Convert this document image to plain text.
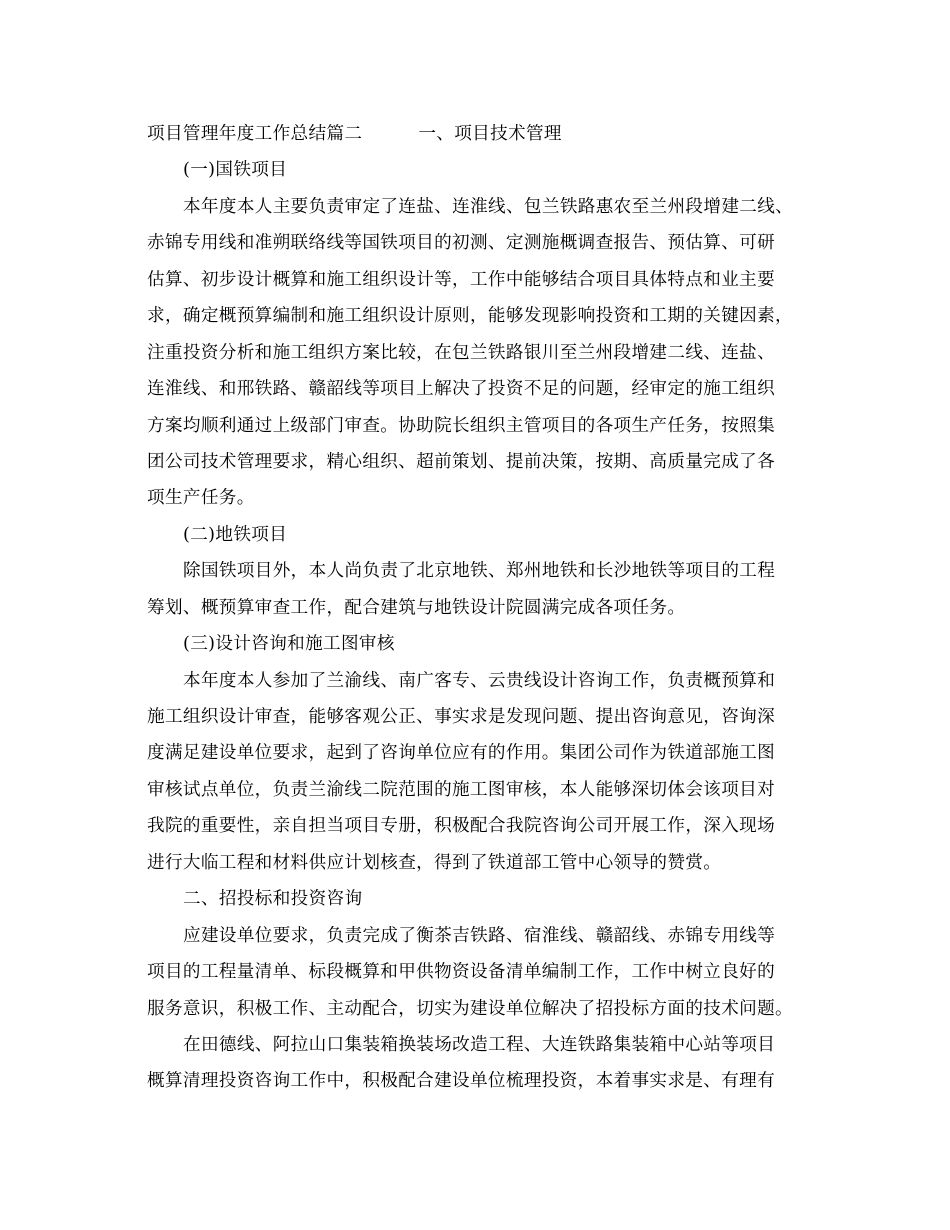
项目管理年度工作总结篇二	一、项目技术管理
(一)国铁项目
本年度本人主要负责审定了连盐、连淮线、包兰铁路惠农至兰州段增建二线、
赤锦专用线和准朔联络线等国铁项目的初测、定测施概调查报告、预估算、可研
估算、初步设计概算和施工组织设计等，工作中能够结合项目具体特点和业主要
求，确定概预算编制和施工组织设计原则，能够发现影响投资和工期的关键因素，
注重投资分析和施工组织方案比较，在包兰铁路银川至兰州段增建二线、连盐、
连淮线、和邢铁路、赣韶线等项目上解决了投资不足的问题，经审定的施工组织
方案均顺利通过上级部门审查。协助院长组织主管项目的各项生产任务，按照集
团公司技术管理要求，精心组织、超前策划、提前决策，按期、高质量完成了各
项生产任务。
(二)地铁项目
除国铁项目外，本人尚负责了北京地铁、郑州地铁和长沙地铁等项目的工程
筹划、概预算审查工作，配合建筑与地铁设计院圆满完成各项任务。
(三)设计咨询和施工图审核
本年度本人参加了兰渝线、南广客专、云贵线设计咨询工作，负责概预算和
施工组织设计审查，能够客观公正、事实求是发现问题、提出咨询意见，咨询深
度满足建设单位要求，起到了咨询单位应有的作用。集团公司作为铁道部施工图
审核试点单位，负责兰渝线二院范围的施工图审核，本人能够深切体会该项目对
我院的重要性，亲自担当项目专册，积极配合我院咨询公司开展工作，深入现场
进行大临工程和材料供应计划核查，得到了铁道部工管中心领导的赞赏。
二、招投标和投资咨询
应建设单位要求，负责完成了衡茶吉铁路、宿淮线、赣韶线、赤锦专用线等
项目的工程量清单、标段概算和甲供物资设备清单编制工作，工作中树立良好的
服务意识，积极工作、主动配合，切实为建设单位解决了招投标方面的技术问题。
在田德线、阿拉山口集装箱换装场改造工程、大连铁路集装箱中心站等项目
概算清理投资咨询工作中，积极配合建设单位梳理投资，本着事实求是、有理有
